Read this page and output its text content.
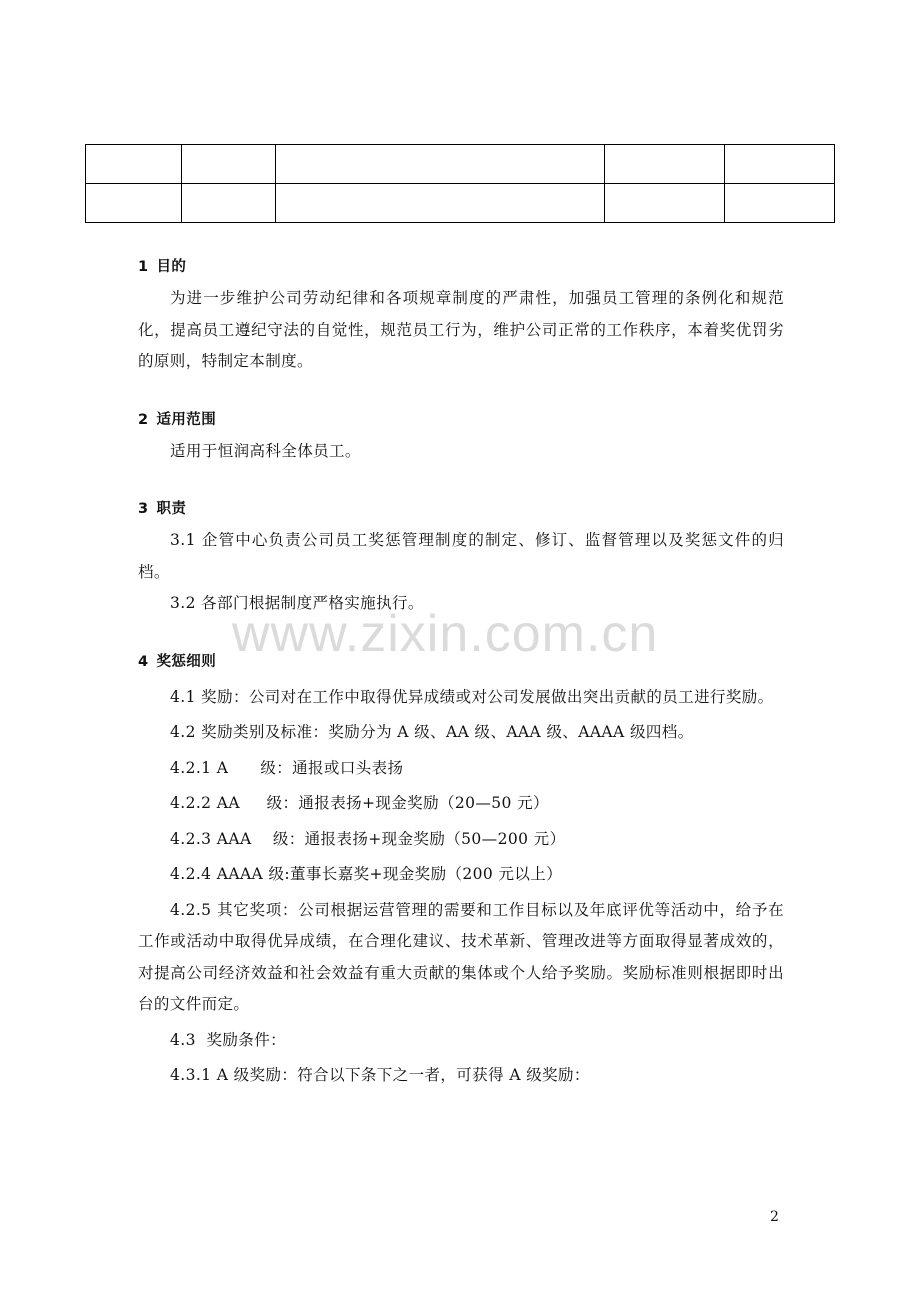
1 目的

为进一步维护公司劳动纪律和各项规章制度的严肃性，加强员工管理的条例化和规范化，提高员工遵纪守法的自觉性，规范员工行为，维护公司正常的工作秩序，本着奖优罚劣的原则，特制定本制度。

2 适用范围

适用于恒润高科全体员工。

3 职责

3.1 企管中心负责公司员工奖惩管理制度的制定、修订、监督管理以及奖惩文件的归档。

3.2 各部门根据制度严格实施执行。

4 奖惩细则

4.1 奖励：公司对在工作中取得优异成绩或对公司发展做出突出贡献的员工进行奖励。

4.2 奖励类别及标准：奖励分为 A 级、AA 级、AAA 级、AAAA 级四档。

4.2.1 A      级：通报或口头表扬

4.2.2 AA     级：通报表扬+现金奖励（20—50 元）

4.2.3 AAA    级：通报表扬+现金奖励（50—200 元）

4.2.4 AAAA 级:董事长嘉奖+现金奖励（200 元以上）

4.2.5 其它奖项：公司根据运营管理的需要和工作目标以及年底评优等活动中，给予在工作或活动中取得优异成绩，在合理化建议、技术革新、管理改进等方面取得显著成效的，对提高公司经济效益和社会效益有重大贡献的集体或个人给予奖励。奖励标准则根据即时出台的文件而定。

4.3  奖励条件：

4.3.1 A 级奖励：符合以下条下之一者，可获得 A 级奖励：

www.zixin.com.cn
2
